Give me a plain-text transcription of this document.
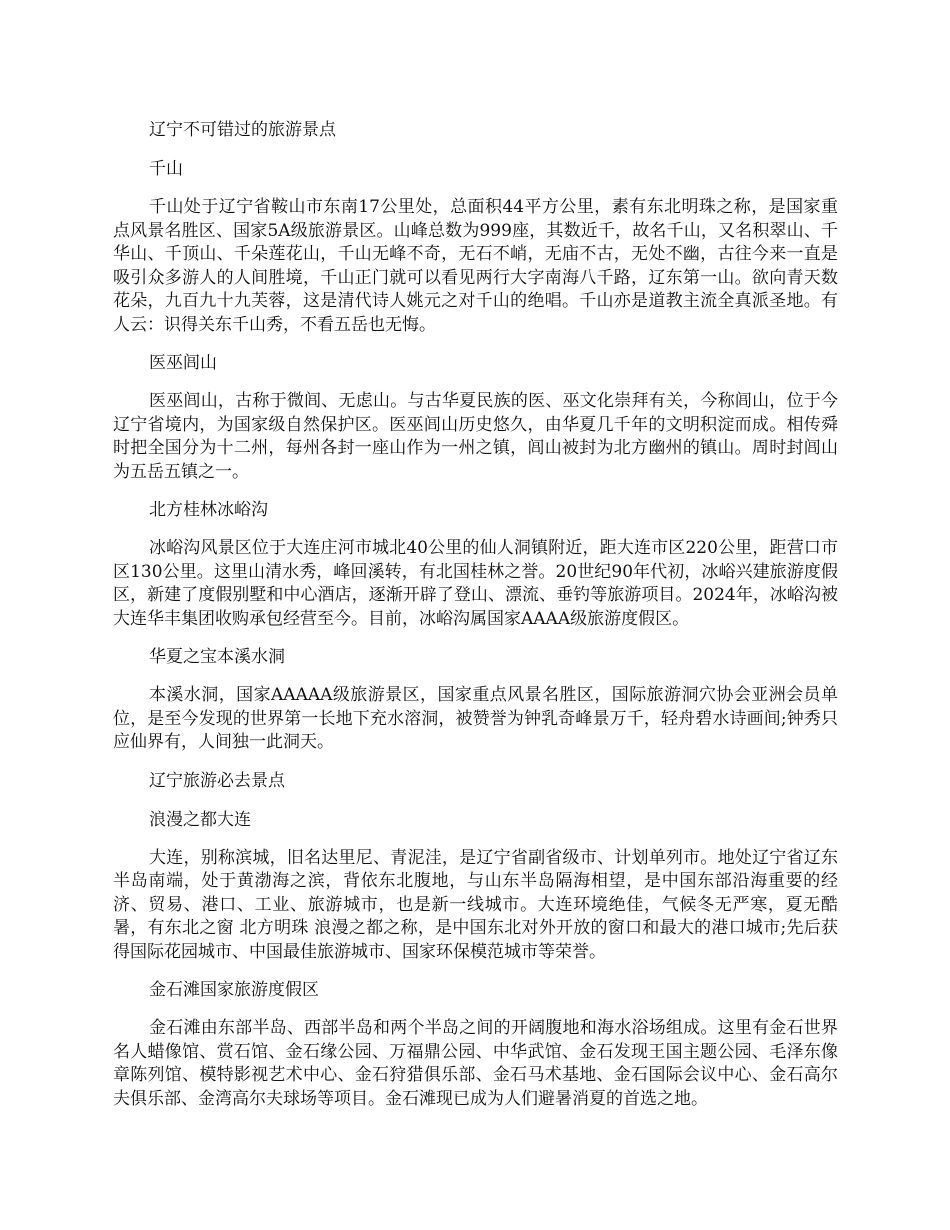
辽宁不可错过的旅游景点

千山

千山处于辽宁省鞍山市东南17公里处，总面积44平方公里，素有东北明珠之称，是国家重点风景名胜区、国家5A级旅游景区。山峰总数为999座，其数近千，故名千山，又名积翠山、千华山、千顶山、千朵莲花山，千山无峰不奇，无石不峭，无庙不古，无处不幽，古往今来一直是吸引众多游人的人间胜境，千山正门就可以看见两行大字南海八千路，辽东第一山。欲向青天数花朵，九百九十九芙蓉，这是清代诗人姚元之对千山的绝唱。千山亦是道教主流全真派圣地。有人云：识得关东千山秀，不看五岳也无悔。

医巫闾山

医巫闾山，古称于微闾、无虑山。与古华夏民族的医、巫文化崇拜有关，今称闾山，位于今辽宁省境内，为国家级自然保护区。医巫闾山历史悠久，由华夏几千年的文明积淀而成。相传舜时把全国分为十二州，每州各封一座山作为一州之镇，闾山被封为北方幽州的镇山。周时封闾山为五岳五镇之一。

北方桂林冰峪沟

冰峪沟风景区位于大连庄河市城北40公里的仙人洞镇附近，距大连市区220公里，距营口市区130公里。这里山清水秀，峰回溪转，有北国桂林之誉。20世纪90年代初，冰峪兴建旅游度假区，新建了度假别墅和中心酒店，逐渐开辟了登山、漂流、垂钓等旅游项目。2024年，冰峪沟被大连华丰集团收购承包经营至今。目前，冰峪沟属国家AAAA级旅游度假区。

华夏之宝本溪水洞

本溪水洞，国家AAAAA级旅游景区，国家重点风景名胜区，国际旅游洞穴协会亚洲会员单位，是至今发现的世界第一长地下充水溶洞，被赞誉为钟乳奇峰景万千，轻舟碧水诗画间;钟秀只应仙界有，人间独一此洞天。

辽宁旅游必去景点

浪漫之都大连

大连，别称滨城，旧名达里尼、青泥洼，是辽宁省副省级市、计划单列市。地处辽宁省辽东半岛南端，处于黄渤海之滨，背依东北腹地，与山东半岛隔海相望，是中国东部沿海重要的经济、贸易、港口、工业、旅游城市，也是新一线城市。大连环境绝佳，气候冬无严寒，夏无酷暑，有东北之窗 北方明珠 浪漫之都之称，是中国东北对外开放的窗口和最大的港口城市;先后获得国际花园城市、中国最佳旅游城市、国家环保模范城市等荣誉。

金石滩国家旅游度假区

金石滩由东部半岛、西部半岛和两个半岛之间的开阔腹地和海水浴场组成。这里有金石世界名人蜡像馆、赏石馆、金石缘公园、万福鼎公园、中华武馆、金石发现王国主题公园、毛泽东像章陈列馆、模特影视艺术中心、金石狩猎俱乐部、金石马术基地、金石国际会议中心、金石高尔夫俱乐部、金湾高尔夫球场等项目。金石滩现已成为人们避暑消夏的首选之地。
